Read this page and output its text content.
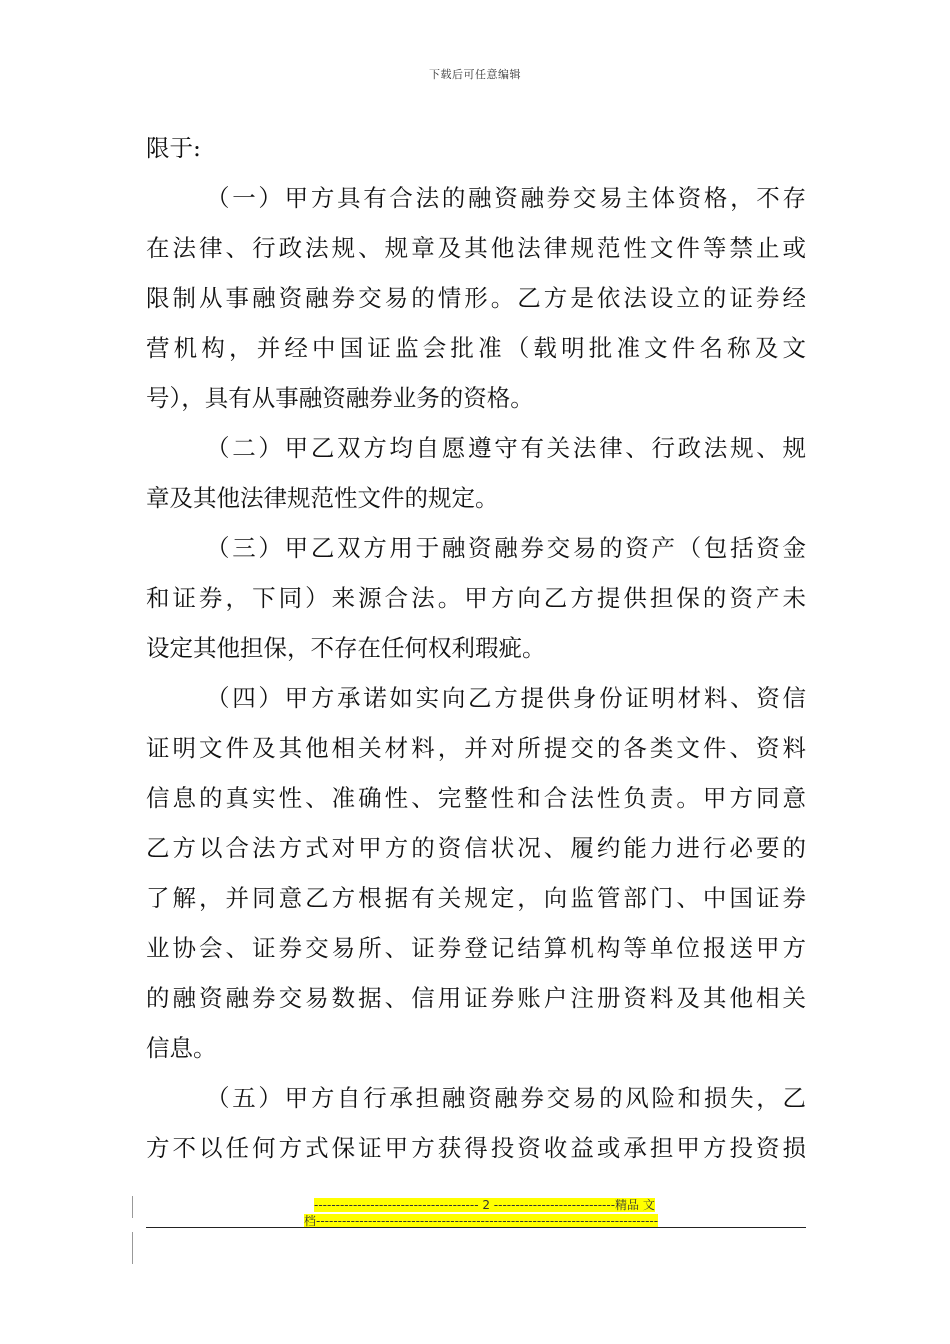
下载后可任意编辑
限于:
（一）甲方具有合法的融资融券交易主体资格，不存
在法律、行政法规、规章及其他法律规范性文件等禁止或
限制从事融资融券交易的情形。乙方是依法设立的证券经
营机构，并经中国证监会批准（载明批准文件名称及文
号），具有从事融资融券业务的资格。
（二）甲乙双方均自愿遵守有关法律、行政法规、规
章及其他法律规范性文件的规定。
（三）甲乙双方用于融资融券交易的资产（包括资金
和证券，下同）来源合法。甲方向乙方提供担保的资产未
设定其他担保，不存在任何权利瑕疵。
（四）甲方承诺如实向乙方提供身份证明材料、资信
证明文件及其他相关材料，并对所提交的各类文件、资料
信息的真实性、准确性、完整性和合法性负责。甲方同意
乙方以合法方式对甲方的资信状况、履约能力进行必要的
了解，并同意乙方根据有关规定，向监管部门、中国证券
业协会、证券交易所、证券登记结算机构等单位报送甲方
的融资融券交易数据、信用证券账户注册资料及其他相关
信息。
（五）甲方自行承担融资融券交易的风险和损失，乙
方不以任何方式保证甲方获得投资收益或承担甲方投资损
-------------------------------------- 2 ----------------------------精品 文
档-------------------------------------------------------------------------------
